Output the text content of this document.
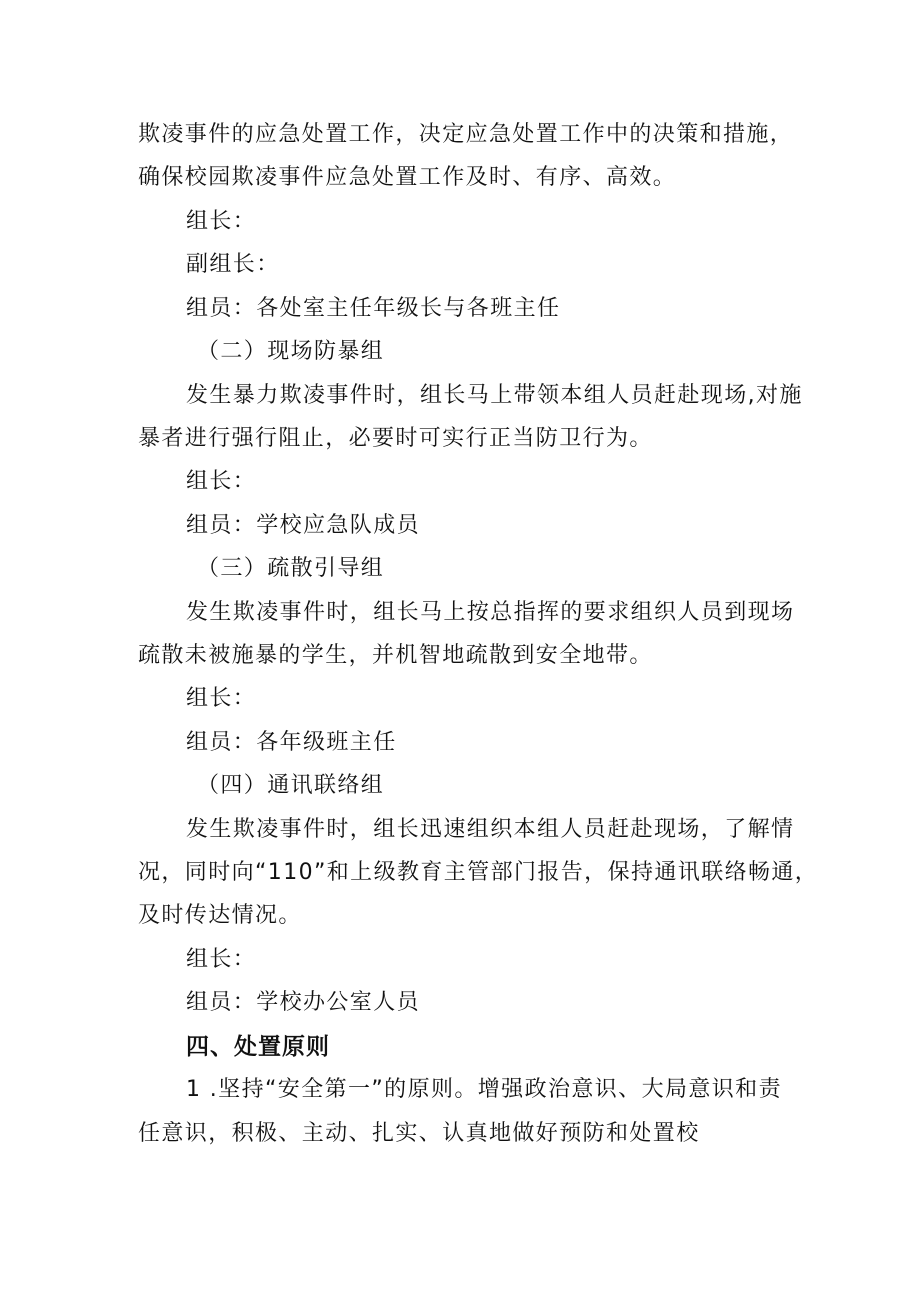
欺凌事件的应急处置工作，决定应急处置工作中的决策和措施，
确保校园欺凌事件应急处置工作及时、有序、高效。
组长：
副组长：
组员：各处室主任年级长与各班主任
（二）现场防暴组
发生暴力欺凌事件时，组长马上带领本组人员赶赴现场,对施
暴者进行强行阻止，必要时可实行正当防卫行为。
组长：
组员：学校应急队成员
（三）疏散引导组
发生欺凌事件时，组长马上按总指挥的要求组织人员到现场
疏散未被施暴的学生，并机智地疏散到安全地带。
组长：
组员：各年级班主任
（四）通讯联络组
发生欺凌事件时，组长迅速组织本组人员赶赴现场，了解情
况，同时向“110”和上级教育主管部门报告，保持通讯联络畅通，
及时传达情况。
组长：
组员：学校办公室人员
四、处置原则
1 .坚持“安全第一”的原则。增强政治意识、大局意识和责
任意识，积极、主动、扎实、认真地做好预防和处置校
